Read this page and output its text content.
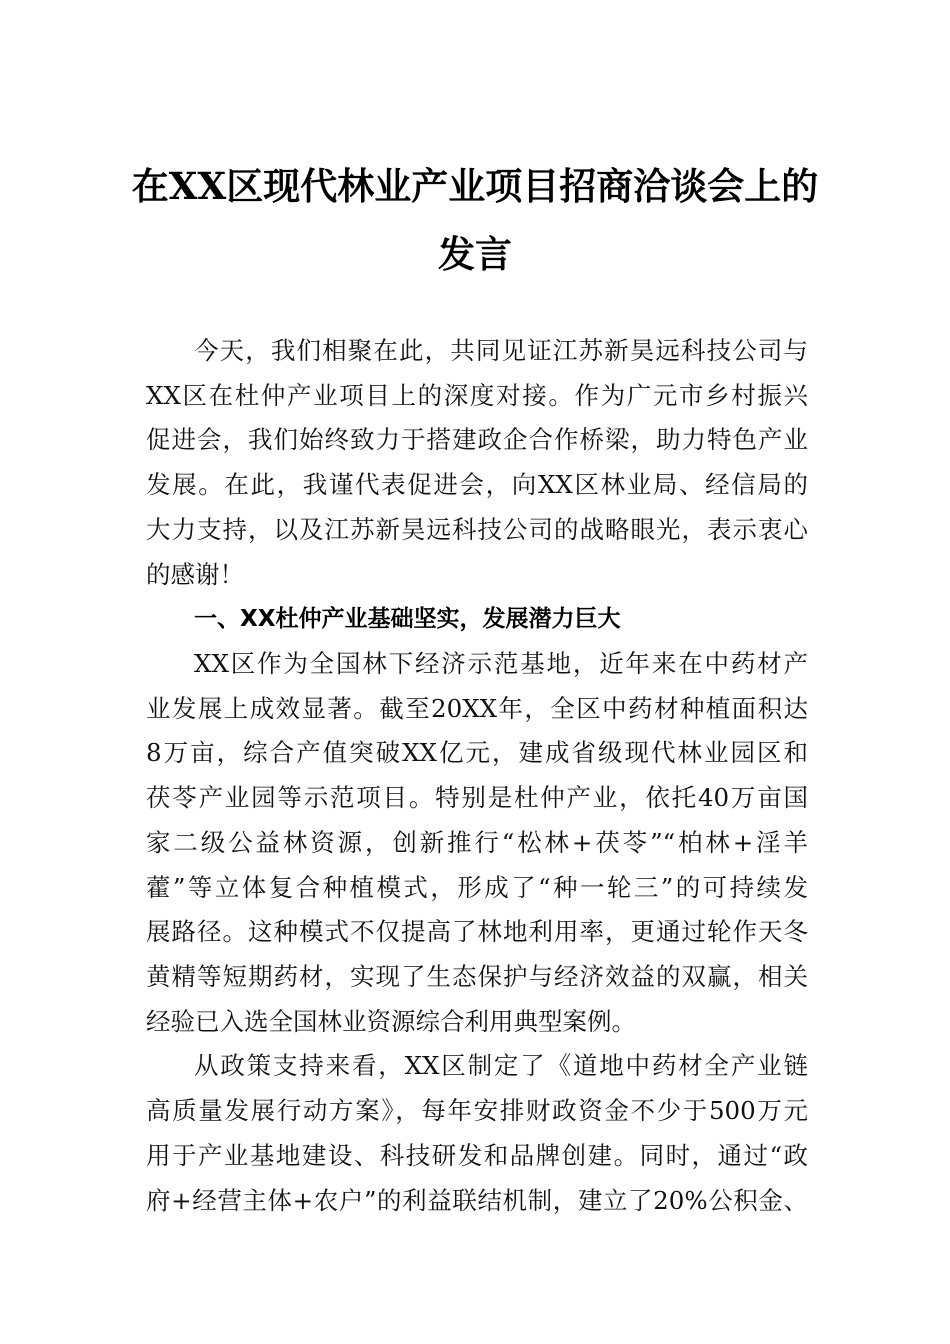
在XX区现代林业产业项目招商洽谈会上的
发言
今天，我们相聚在此，共同见证江苏新昊远科技公司与
XX区在杜仲产业项目上的深度对接。作为广元市乡村振兴
促进会，我们始终致力于搭建政企合作桥梁，助力特色产业
发展。在此，我谨代表促进会，向XX区林业局、经信局的
大力支持，以及江苏新昊远科技公司的战略眼光，表示衷心
的感谢！
一、XX杜仲产业基础坚实，发展潜力巨大
XX区作为全国林下经济示范基地，近年来在中药材产
业发展上成效显著。截至20XX年，全区中药材种植面积达
8万亩，综合产值突破XX亿元，建成省级现代林业园区和
茯苓产业园等示范项目。特别是杜仲产业，依托40万亩国
家二级公益林资源，创新推行“松林+茯苓”“柏林+淫羊
藿”等立体复合种植模式，形成了“种一轮三”的可持续发
展路径。这种模式不仅提高了林地利用率，更通过轮作天冬
黄精等短期药材，实现了生态保护与经济效益的双赢，相关
经验已入选全国林业资源综合利用典型案例。
从政策支持来看，XX区制定了《道地中药材全产业链
高质量发展行动方案》，每年安排财政资金不少于500万元
用于产业基地建设、科技研发和品牌创建。同时，通过“政
府+经营主体+农户”的利益联结机制，建立了20%公积金、
